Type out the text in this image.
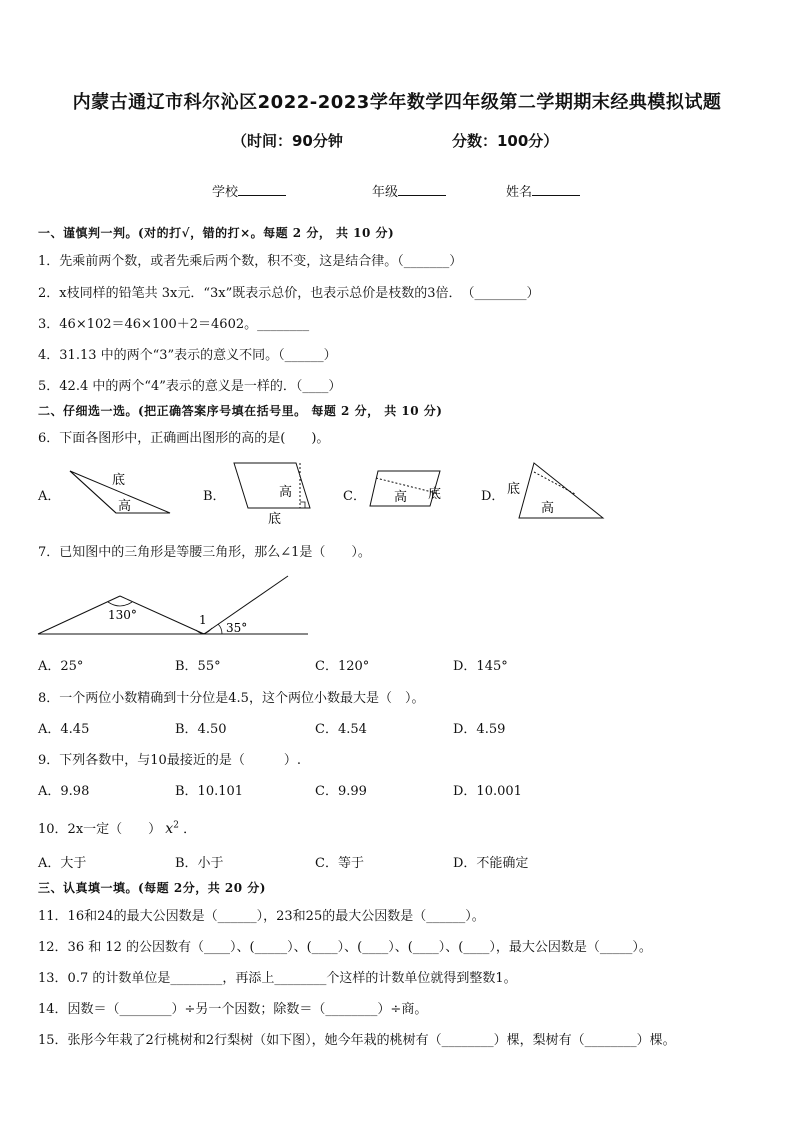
内蒙古通辽市科尔沁区2022-2023学年数学四年级第二学期期末经典模拟试题
（时间：90分钟	分数：100分）
学校	年级	姓名
一、谨慎判一判。(对的打√，错的打×。每题 2 分， 共 10 分)
1．先乘前两个数，或者先乘后两个数，积不变，这是结合律。（_______）
2．x枝同样的铅笔共 3x元．“3x”既表示总价，也表示总价是枝数的3倍．　（________）
3．46×102＝46×100＋2＝4602。________
4．31.13 中的两个“3”表示的意义不同。（______）
5．42.4 中的两个“4”表示的意义是一样的．（____）
二、仔细选一选。(把正确答案序号填在括号里。 每题 2 分， 共 10 分)
6．下面各图形中，正确画出图形的高的是(　　)。
A．
底
高
B．	高
底
C． 高 底	D． 底
高
7．已知图中的三角形是等腰三角形，那么∠1是（　　）。
130°	1
35°
A．25°	B．55°	C．120°	D．145°
8．一个两位小数精确到十分位是4.5，这个两位小数最大是（　）。
A．4.45	B．4.50	C．4.54	D．4.59
9．下列各数中，与10最接近的是（　　　）.
A．9.98	B．10.101	C．9.99	D．10.001
10．2x一定（　　） $x^2$ ．
A．大于	B．小于	C．等于	D．不能确定
三、认真填一填。(每题 2分，共 20 分)
11．16和24的最大公因数是（______），23和25的最大公因数是（______）。
12．36 和 12 的公因数有（____）、(_____）、(____）、(____）、(____）、(____），最大公因数是（_____）。
13．0.7 的计数单位是________，再添上________个这样的计数单位就得到整数1。
14．因数＝（________）÷另一个因数；除数＝（________）÷商。
15．张彤今年栽了2行桃树和2行梨树（如下图），她今年栽的桃树有（________）棵，梨树有（________）棵。
